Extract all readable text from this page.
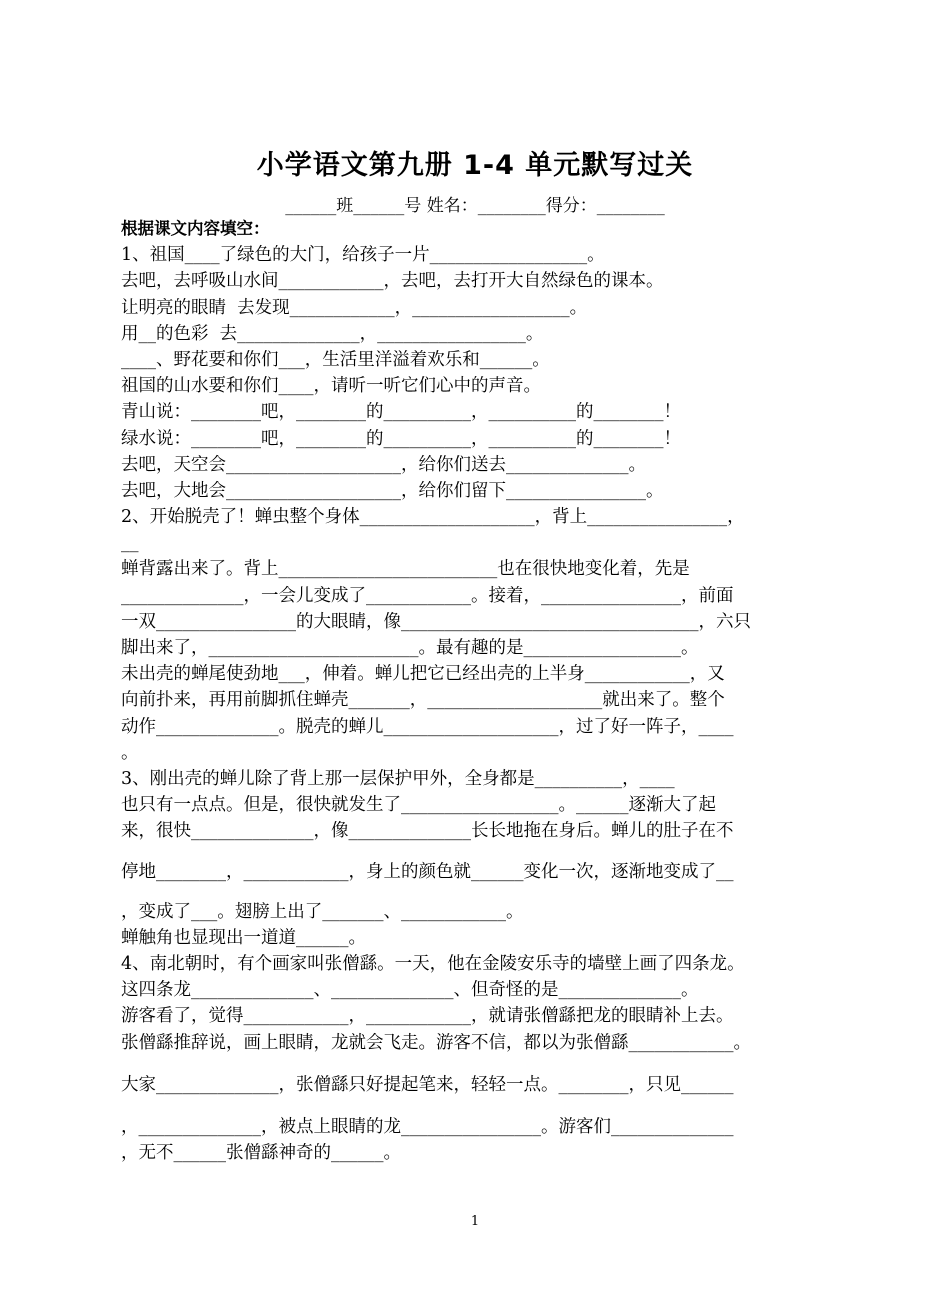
小学语文第九册 1-4 单元默写过关
______班______号 姓名：________得分：________
根据课文内容填空：
1、祖国____了绿色的大门，给孩子一片__________________。
去吧，去呼吸山水间____________，去吧，去打开大自然绿色的课本。
让明亮的眼睛  去发现____________，__________________。
用__的色彩  去______________，_________________。
____、野花要和你们___，生活里洋溢着欢乐和______。
祖国的山水要和你们____，请听一听它们心中的声音。
青山说：________吧，________的__________，__________的________！
绿水说：________吧，________的__________，__________的________！
去吧，天空会____________________，给你们送去______________。
去吧，大地会____________________，给你们留下________________。
2、开始脱壳了！蝉虫整个身体____________________，背上________________，
__
蝉背露出来了。背上_________________________也在很快地变化着，先是
______________，一会儿变成了____________。接着，________________，前面
一双________________的大眼睛，像__________________________________，六只
脚出来了，________________________。最有趣的是__________________。
未出壳的蝉尾使劲地___，伸着。蝉儿把它已经出壳的上半身____________，又
向前扑来，再用前脚抓住蝉壳_______，____________________就出来了。整个
动作______________。脱壳的蝉儿____________________，过了好一阵子，____
。
3、刚出壳的蝉儿除了背上那一层保护甲外，全身都是__________，____
也只有一点点。但是，很快就发生了__________________。______逐渐大了起
来，很快______________，像______________长长地拖在身后。蝉儿的肚子在不
停地________，____________，身上的颜色就______变化一次，逐渐地变成了__
，变成了___。翅膀上出了_______、____________。
蝉触角也显现出一道道______。
4、南北朝时，有个画家叫张僧繇。一天，他在金陵安乐寺的墙壁上画了四条龙。
这四条龙______________、______________、但奇怪的是______________。
游客看了，觉得____________，____________，就请张僧繇把龙的眼睛补上去。
张僧繇推辞说，画上眼睛，龙就会飞走。游客不信，都以为张僧繇____________。
大家______________，张僧繇只好提起笔来，轻轻一点。________，只见______
，______________，被点上眼睛的龙________________。游客们______________
，无不______张僧繇神奇的______。
1
